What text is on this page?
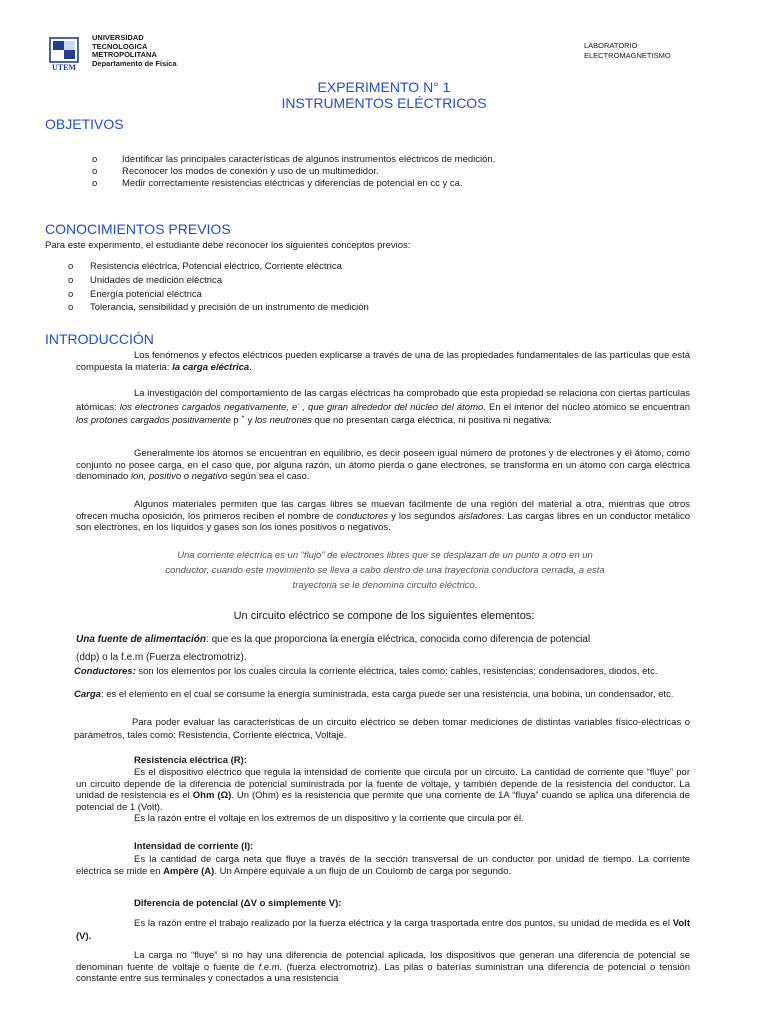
UTEM
UNIVERSIDAD
TECNOLOGICA
METROPOLITANA
Departamento de Física
LABORATORIO
ELECTROMAGNETISMO
EXPERIMENTO N° 1
INSTRUMENTOS ELÉCTRICOS
OBJETIVOS
o	Identificar las principales características de algunos instrumentos eléctricos de medición.
o	Reconocer los modos de conexión y uso de un multimedidor.
o	Medir correctamente resistencias eléctricas y diferencias de potencial en cc y ca.
CONOCIMIENTOS PREVIOS
Para este experimento, el estudiante debe reconocer los siguientes conceptos previos:
o	Resistencia eléctrica, Potencial eléctrico, Corriente eléctrica
o	Unidades de medición eléctrica
o	Energía potencial eléctrica
o	Tolerancia, sensibilidad y precisión de un instrumento de medición
INTRODUCCIÓN

Los fenómenos y efectos eléctricos pueden explicarse a través de una de las propiedades fundamentales de las partículas que está compuesta la materia: la carga eléctrica.

La investigación del comportamiento de las cargas eléctricas ha comprobado que esta propiedad se relaciona con ciertas partículas atómicas: los electrones cargados negativamente, e- , que giran alrededor del núcleo del átomo. En el interior del núcleo atómico se encuentran los protones cargados positivamente p + y los neutrones que no presentan carga eléctrica, ni positiva ni negativa.

Generalmente los átomos se encuentran en equilibrio, es decir poseen igual número de protones y de electrones y el átomo, como conjunto no posee carga, en el caso que, por alguna razón, un átomo pierda o gane electrones, se transforma en un átomo con carga eléctrica denominado ion, positivo o negativo según sea el caso.

Algunos materiales permiten que las cargas libres se muevan fácilmente de una región del material a otra, mientras que otros ofrecen mucha oposición, los primeros reciben el nombre de conductores y los segundos aisladores. Las cargas libres en un conductor metálico son electrones, en los líquidos y gases son los iones positivos o negativos.

Una corriente eléctrica es un “flujo” de electrones libres que se desplazan de un punto a otro en un
conductor, cuando este movimiento se lleva a cabo dentro de una trayectoria conductora cerrada, a esta
trayectoria se le denomina circuito eléctrico.
Un circuito eléctrico se compone de los siguientes elementos:
Una fuente de alimentación: que es la que proporciona la energía eléctrica, conocida como diferencia de potencial
(ddp) o la f.e.m (Fuerza electromotriz).

Conductores: son los elementos por los cuales circula la corriente eléctrica, tales como: cables, resistencias; condensadores, diodos, etc.

Carga: es el elemento en el cual se consume la energía suministrada, esta carga puede ser una resistencia, una bobina, un condensador, etc.

Para poder evaluar las características de un circuito eléctrico se deben tomar mediciones de distintas variables físico-eléctricas o parámetros, tales como: Resistencia, Corriente eléctrica, Voltaje.

Resistencia eléctrica (R):

Es el dispositivo eléctrico que regula la intensidad de corriente que circula por un circuito. La cantidad de corriente que “fluye” por un circuito depende de la diferencia de potencial suministrada por la fuente de voltaje, y también depende de la resistencia del conductor. La unidad de resistencia es el Ohm (Ω). Un (Ohm) es la resistencia que permite que una corriente de 1A “fluya” cuando se aplica una diferencia de potencial de 1 (Volt).

Es la razón entre el voltaje en los extremos de un dispositivo y la corriente que circula por él.

Intensidad de corriente (I):

Es la cantidad de carga neta que fluye a través de la sección transversal de un conductor por unidad de tiempo. La corriente eléctrica se mide en Ampère (A). Un Ampère equivale a un flujo de un Coulomb de carga por segundo.

Diferencia de potencial (ΔV o simplemente V):

Es la razón entre el trabajo realizado por la fuerza eléctrica y la carga trasportada entre dos puntos, su unidad de medida es el Volt (V).

La carga no “fluye” si no hay una diferencia de potencial aplicada, los dispositivos que generan una diferencia de potencial se denominan fuente de voltaje o fuente de f.e.m. (fuerza electromotriz). Las pilas o baterías suministran una diferencia de potencial o tensión constante entre sus terminales y conectados a una resistencia
